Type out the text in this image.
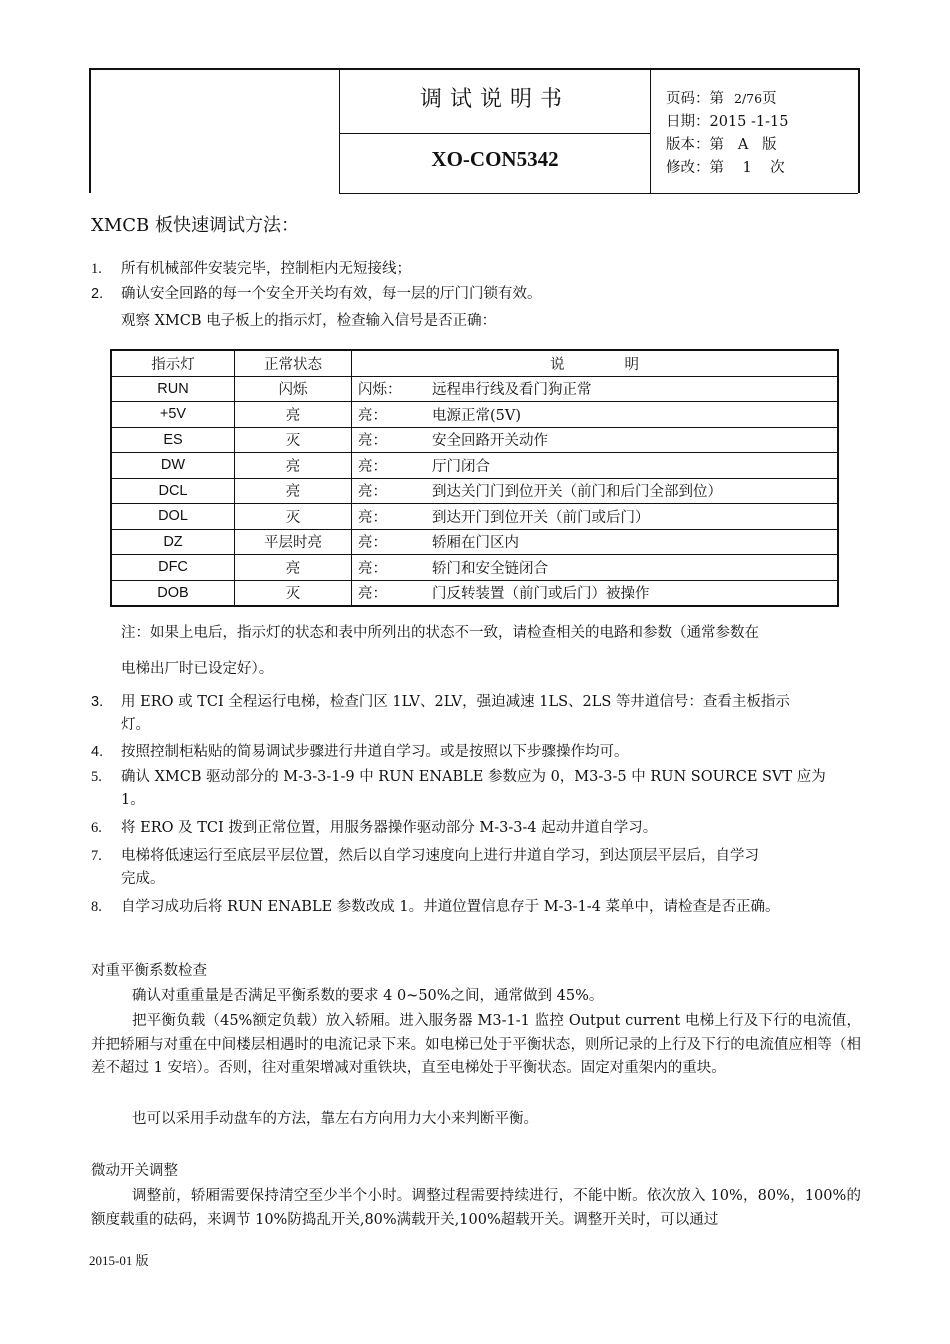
调试说明书
XO-CON5342
页码：第 2/76页
日期：2015 -1-15
版本：第 A 版
修改：第 1 次
XMCB 板快速调试方法：
1. 所有机械部件安装完毕，控制柜内无短接线；
2. 确认安全回路的每一个安全开关均有效，每一层的厅门门锁有效。
观察 XMCB 电子板上的指示灯，检查输入信号是否正确：
指示灯	正常状态	说明
RUN	闪烁	闪烁： 远程串行线及看门狗正常
+5V	亮	亮： 电源正常(5V)
ES	灭	亮： 安全回路开关动作
DW	亮	亮： 厅门闭合
DCL	亮	亮： 到达关门门到位开关（前门和后门全部到位）
DOL	灭	亮： 到达开门到位开关（前门或后门）
DZ	平层时亮	亮： 轿厢在门区内
DFC	亮	亮： 轿门和安全链闭合
DOB	灭	亮： 门反转装置（前门或后门）被操作
注：如果上电后，指示灯的状态和表中所列出的状态不一致，请检查相关的电路和参数（通常参数在
电梯出厂时已设定好）。
3. 用 ERO 或 TCI 全程运行电梯，检查门区 1LV、2LV，强迫减速 1LS、2LS 等井道信号：查看主板指示
灯。
4. 按照控制柜粘贴的简易调试步骤进行井道自学习。或是按照以下步骤操作均可。
5. 确认 XMCB 驱动部分的 M-3-3-1-9 中 RUN ENABLE 参数应为 0，M3-3-5 中 RUN SOURCE SVT 应为
1。
6. 将 ERO 及 TCI 拨到正常位置，用服务器操作驱动部分 M-3-3-4 起动井道自学习。
7. 电梯将低速运行至底层平层位置，然后以自学习速度向上进行井道自学习，到达顶层平层后，自学习
完成。
8. 自学习成功后将 RUN ENABLE 参数改成 1。井道位置信息存于 M-3-1-4 菜单中，请检查是否正确。
对重平衡系数检查
确认对重重量是否满足平衡系数的要求 4 0~50%之间，通常做到 45%。
把平衡负载（45%额定负载）放入轿厢。进入服务器 M3-1-1 监控 Output current 电梯上行及下行的电流值，并把轿厢与对重在中间楼层相遇时的电流记录下来。如电梯已处于平衡状态，则所记录的上行及下行的电流值应相等（相差不超过 1 安培）。否则，往对重架增减对重铁块，直至电梯处于平衡状态。固定对重架内的重块。
也可以采用手动盘车的方法，靠左右方向用力大小来判断平衡。
微动开关调整
调整前，轿厢需要保持清空至少半个小时。调整过程需要持续进行，不能中断。依次放入 10%，80%，100%的额度载重的砝码，来调节 10%防捣乱开关,80%满载开关,100%超载开关。调整开关时，可以通过
2015-01 版
